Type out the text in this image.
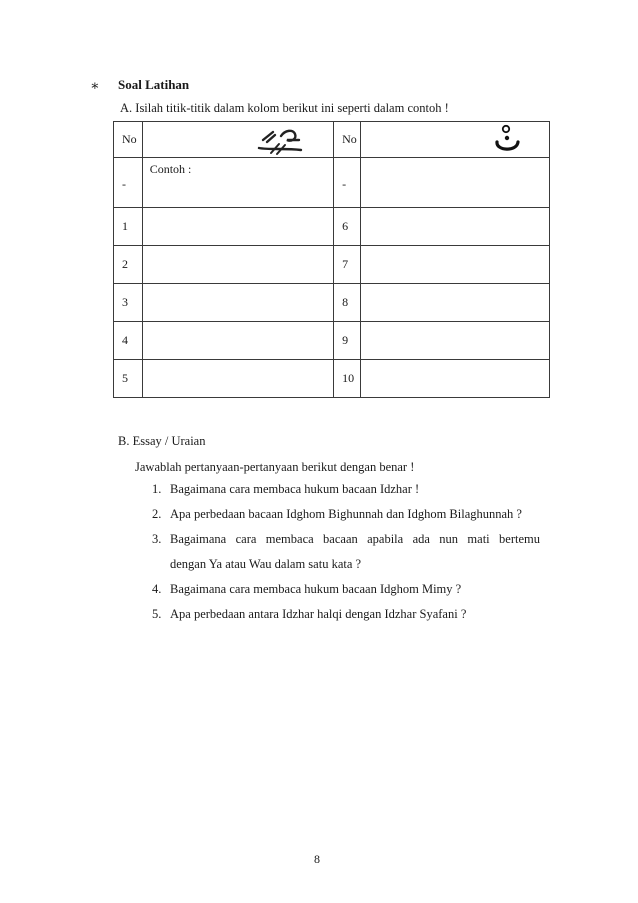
∗ Soal Latihan
A. Isilah titik-titik dalam kolom berikut ini seperti dalam contoh !
No		No	

-	Contoh :	-	
1		6	
2		7	
3		8	
4		9	
5		10	
B. Essay / Uraian
Jawablah pertanyaan-pertanyaan berikut dengan benar !
1. Bagaimana cara membaca hukum bacaan Idzhar !
2. Apa perbedaan bacaan Idghom Bighunnah dan Idghom Bilaghunnah ?
3. Bagaimana   cara   membaca   bacaan   apabila   ada   nun   mati   bertemu
dengan Ya atau Wau dalam satu kata ?
4. Bagaimana cara membaca hukum bacaan Idghom Mimy ?
5. Apa perbedaan antara Idzhar halqi dengan Idzhar Syafani ?
8
